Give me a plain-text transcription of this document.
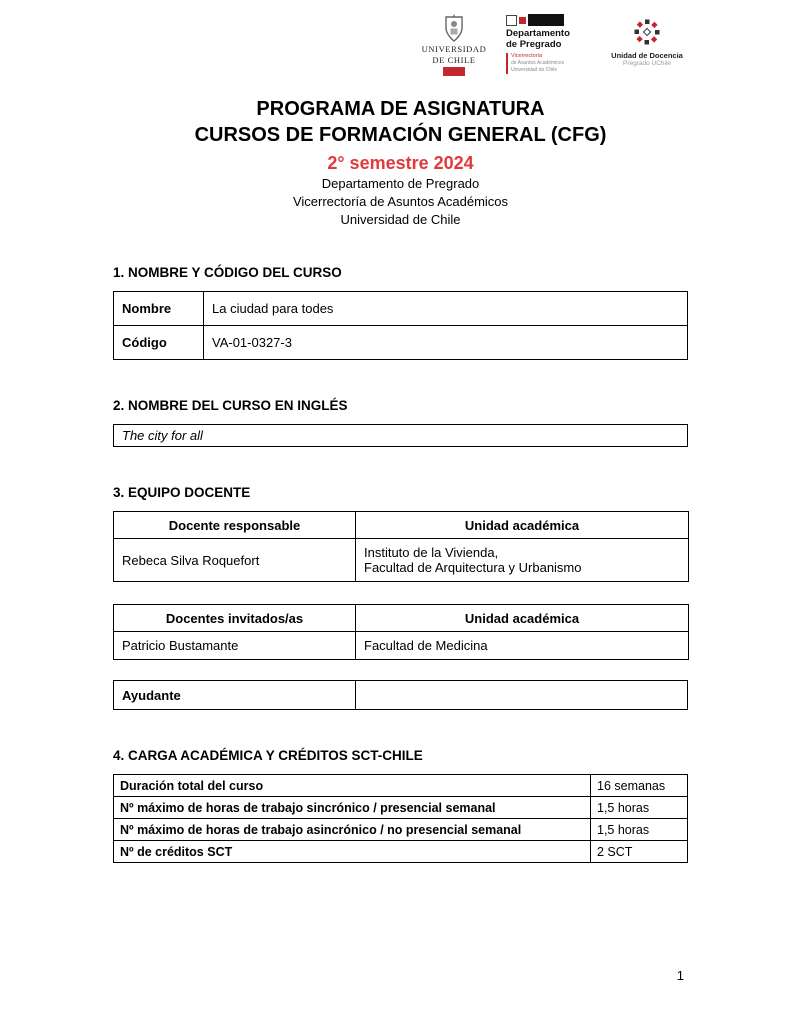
UNIVERSIDAD
DE CHILE
Departamento
de Pregrado
Vicerrectoría
de Asuntos Académicos
Universidad de Chile
Unidad de Docencia
Pregrado UChile
PROGRAMA DE ASIGNATURA
CURSOS DE FORMACIÓN GENERAL (CFG)
2° semestre 2024
Departamento de Pregrado
Vicerrectoría de Asuntos Académicos
Universidad de Chile
1. NOMBRE Y CÓDIGO DEL CURSO
Nombre	La ciudad para todes
Código	VA-01-0327-3
2. NOMBRE DEL CURSO EN INGLÉS
The city for all
3. EQUIPO DOCENTE
Docente responsable	Unidad académica
Rebeca Silva Roquefort	Instituto de la Vivienda,
Facultad de Arquitectura y Urbanismo
Docentes invitados/as	Unidad académica
Patricio Bustamante	Facultad de Medicina
Ayudante	
4. CARGA ACADÉMICA Y CRÉDITOS SCT-CHILE
Duración total del curso	16 semanas
Nº máximo de horas de trabajo sincrónico / presencial semanal	1,5 horas
Nº máximo de horas de trabajo asincrónico / no presencial semanal	1,5 horas
Nº de créditos SCT	2 SCT
1
